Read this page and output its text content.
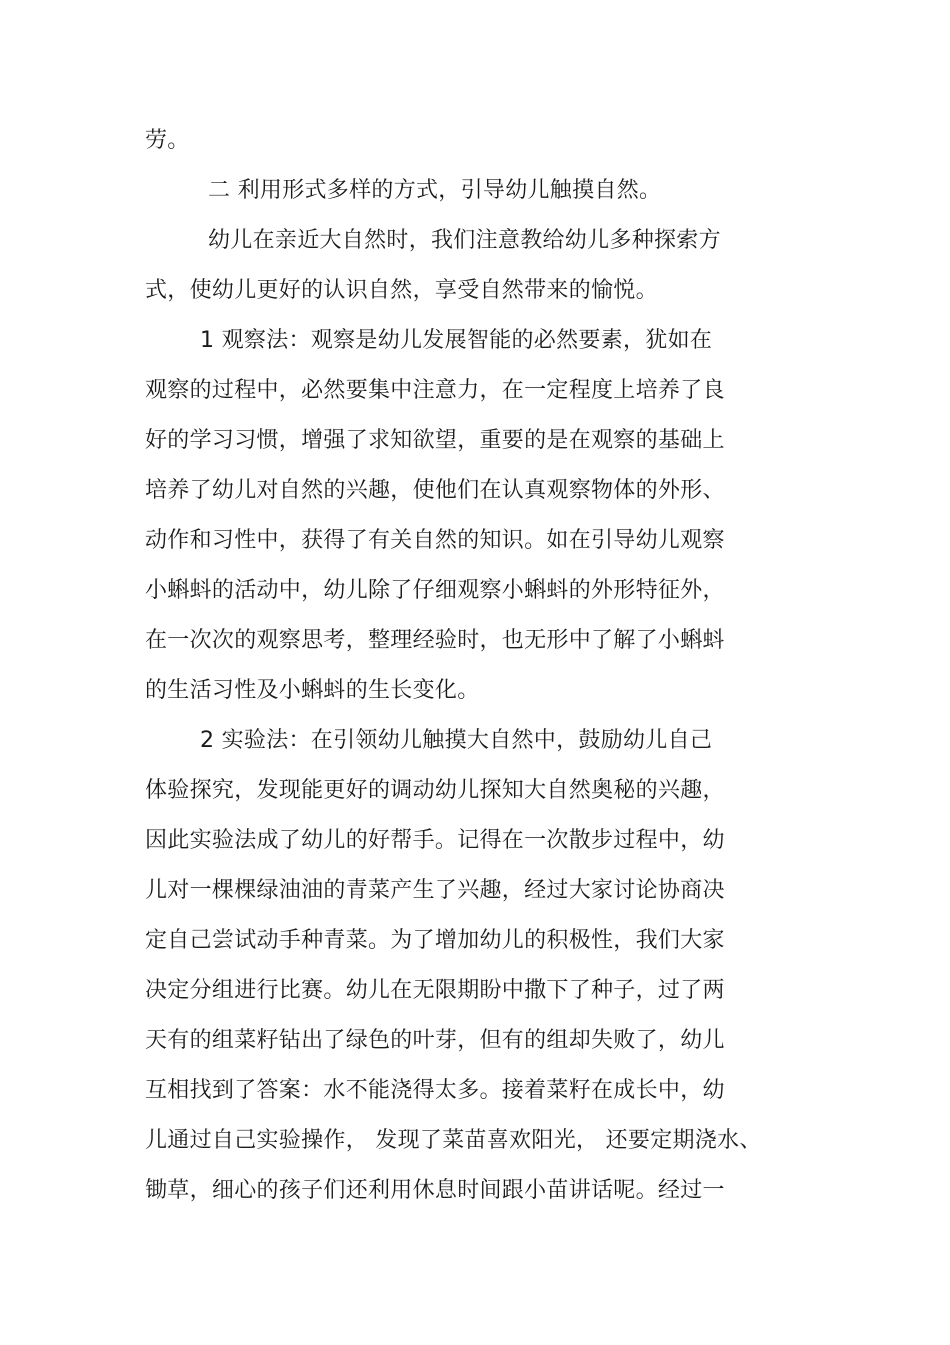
劳。
二 利用形式多样的方式，引导幼儿触摸自然。
幼儿在亲近大自然时，我们注意教给幼儿多种探索方
式，使幼儿更好的认识自然，享受自然带来的愉悦。
1 观察法：观察是幼儿发展智能的必然要素，犹如在
观察的过程中，必然要集中注意力，在一定程度上培养了良
好的学习习惯，增强了求知欲望，重要的是在观察的基础上
培养了幼儿对自然的兴趣，使他们在认真观察物体的外形、
动作和习性中，获得了有关自然的知识。如在引导幼儿观察
小蝌蚪的活动中，幼儿除了仔细观察小蝌蚪的外形特征外，
在一次次的观察思考，整理经验时，也无形中了解了小蝌蚪
的生活习性及小蝌蚪的生长变化。
2 实验法：在引领幼儿触摸大自然中，鼓励幼儿自己
体验探究，发现能更好的调动幼儿探知大自然奥秘的兴趣，
因此实验法成了幼儿的好帮手。记得在一次散步过程中，幼
儿对一棵棵绿油油的青菜产生了兴趣，经过大家讨论协商决
定自己尝试动手种青菜。为了增加幼儿的积极性，我们大家
决定分组进行比赛。幼儿在无限期盼中撒下了种子，过了两
天有的组菜籽钻出了绿色的叶芽，但有的组却失败了，幼儿
互相找到了答案：水不能浇得太多。接着菜籽在成长中，幼
儿通过自己实验操作， 发现了菜苗喜欢阳光， 还要定期浇水、
锄草，细心的孩子们还利用休息时间跟小苗讲话呢。经过一
